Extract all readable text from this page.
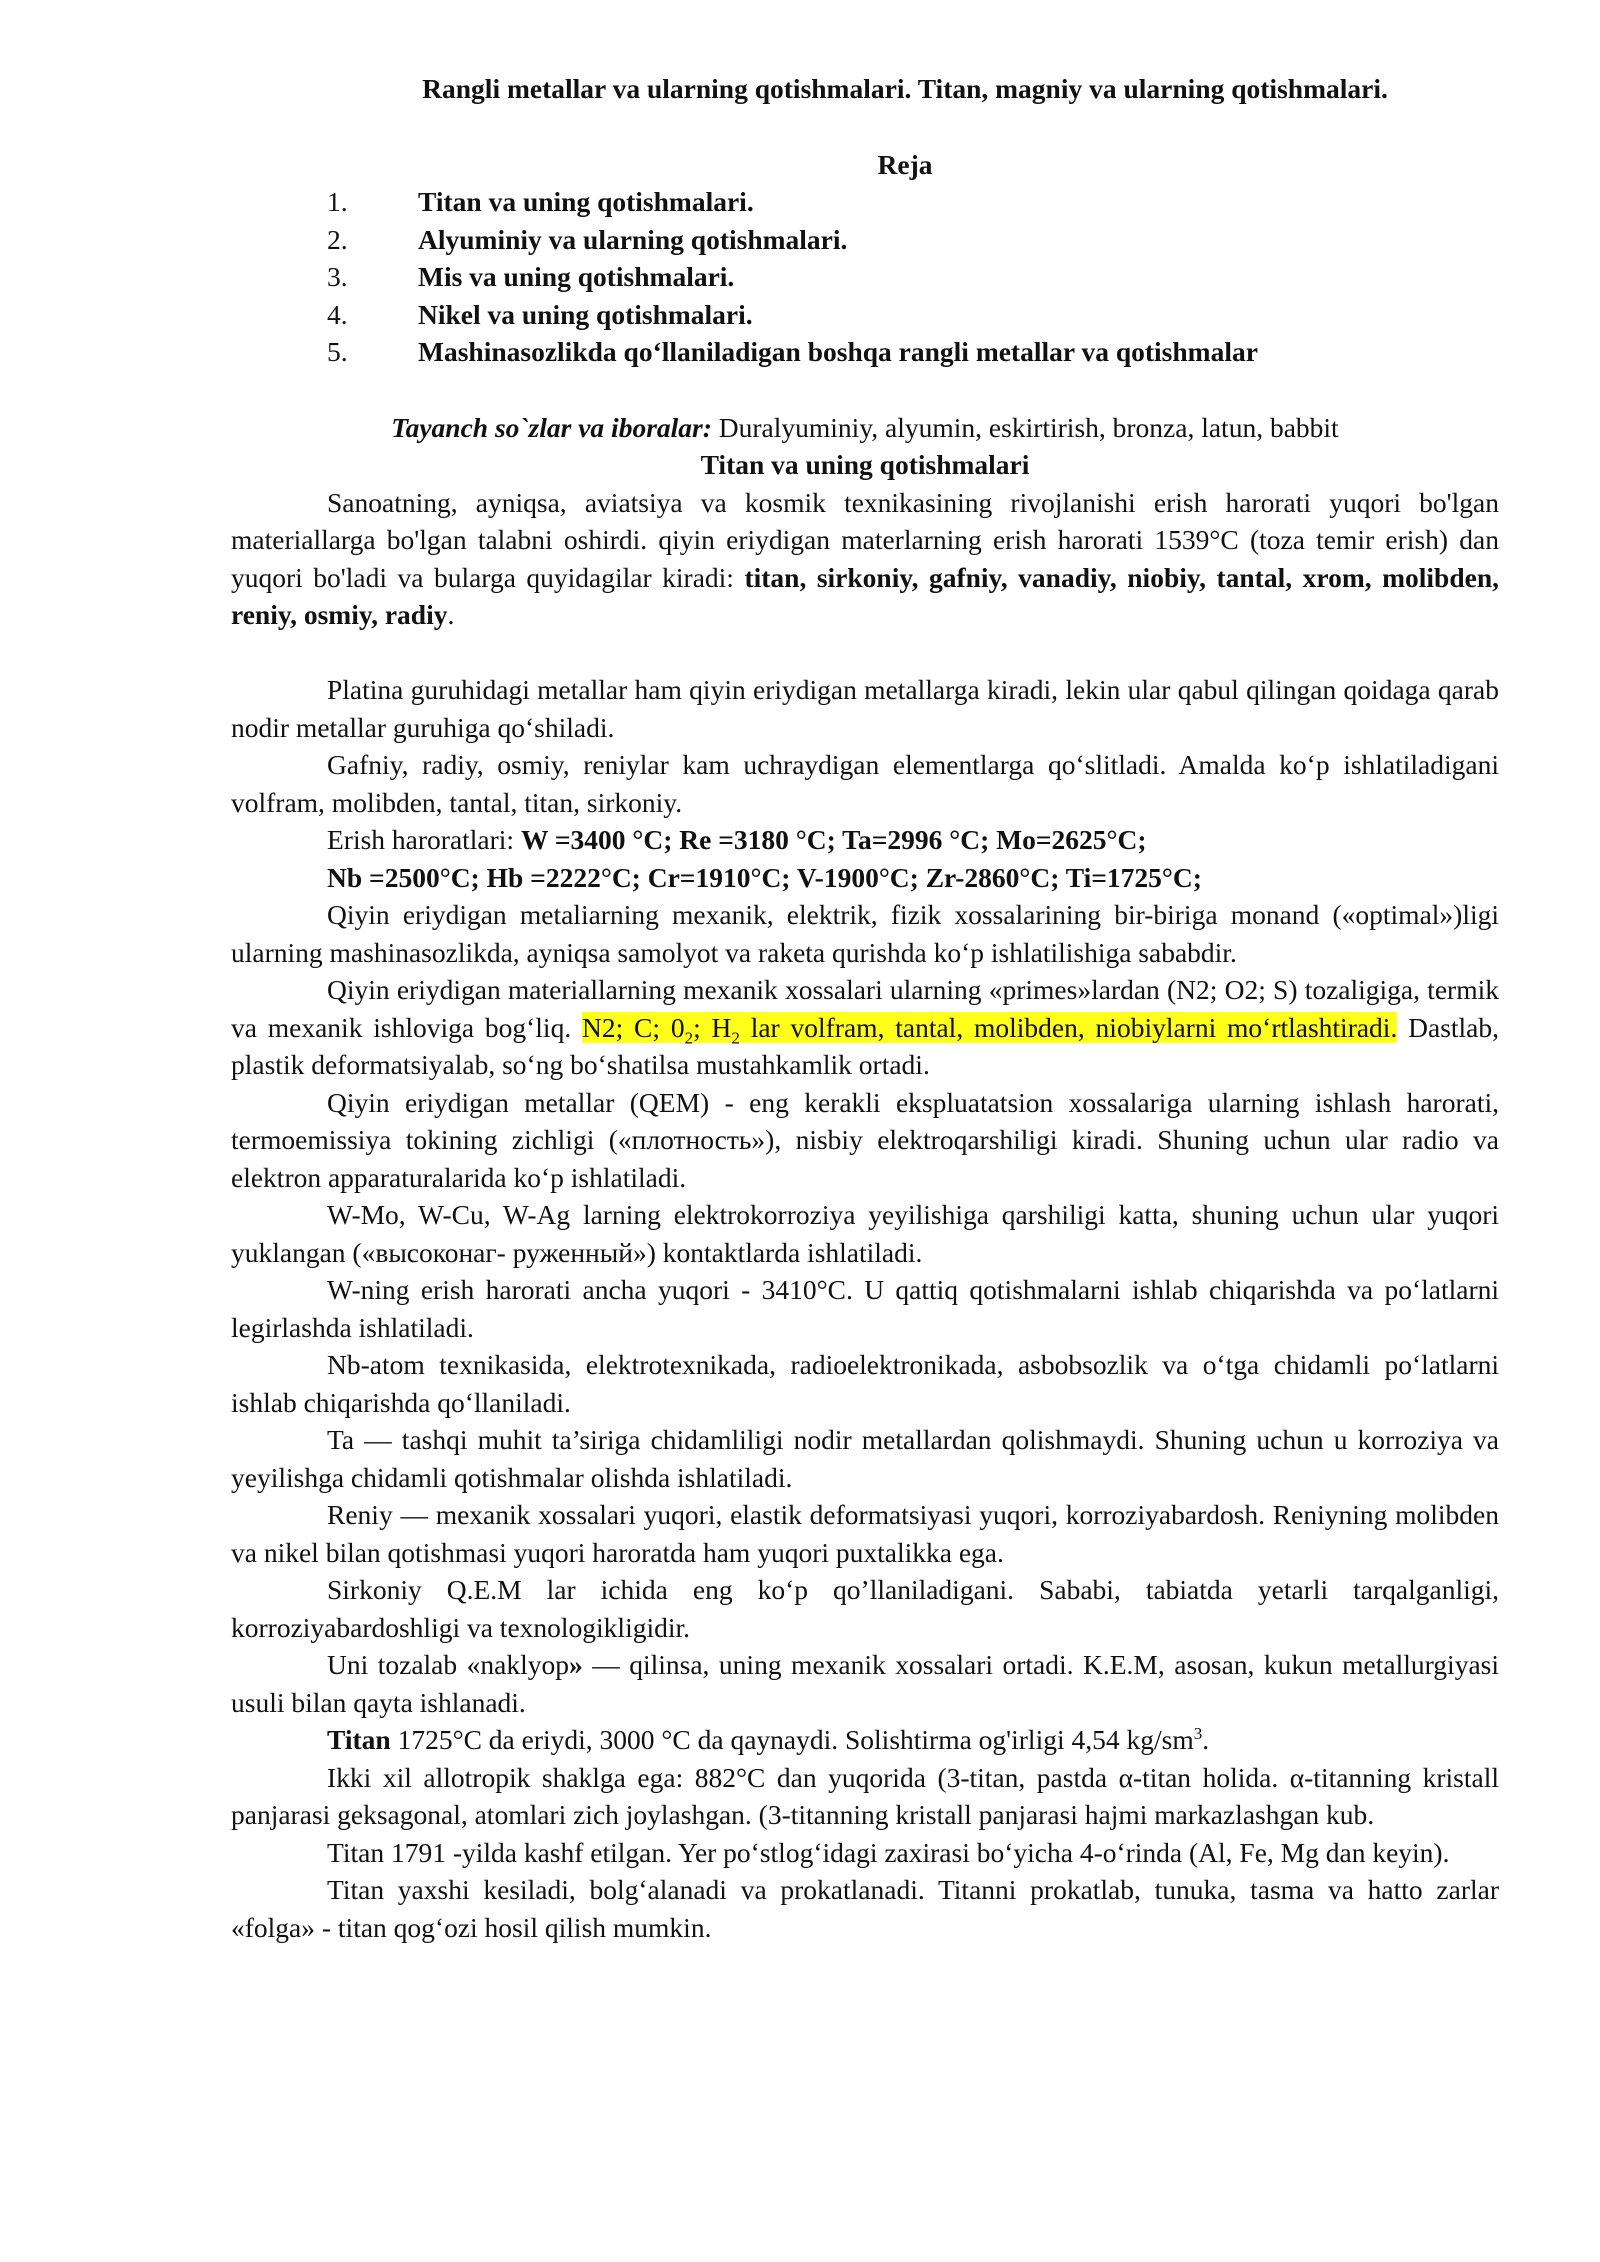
Rangli metallar va ularning qotishmalari. Titan, magniy va ularning qotishmalari.
Reja
1.	Titan va uning qotishmalari.
2.	Alyuminiy va ularning qotishmalari.
3.	Mis va uning qotishmalari.
4.	Nikel va uning qotishmalari.
5.	Mashinasozlikda qo‘llaniladigan boshqa rangli metallar va qotishmalar
Tayanch so`zlar va iboralar: Duralyuminiy, alyumin, eskirtirish, bronza, latun, babbit
Titan va uning qotishmalari

Sanoatning, ayniqsa, aviatsiya va kosmik texnikasining rivojlanishi erish harorati yuqori bo'lgan materiallarga bo'lgan talabni oshirdi. qiyin eriydigan materlarning erish harorati 1539°C (toza temir erish) dan yuqori bo'ladi va bularga quyidagilar kiradi: titan, sirkoniy, gafniy, vanadiy, niobiy, tantal, xrom, molibden, reniy, osmiy, radiy.

Platina guruhidagi metallar ham qiyin eriydigan metallarga kiradi, lekin ular qabul qilingan qoidaga qarab nodir metallar guruhiga qo‘shiladi.

Gafniy, radiy, osmiy, reniylar kam uchraydigan elementlarga qo‘slitladi. Amalda ko‘p ishlatiladigani volfram, molibden, tantal, titan, sirkoniy.

Erish haroratlari: W =3400 °C; Re =3180 °C; Ta=2996 °C; Mo=2625°C;

Nb =2500°C; Hb =2222°C; Cr=1910°C; V-1900°C; Zr-2860°C; Ti=1725°C;

Qiyin eriydigan metaliarning mexanik, elektrik, fizik xossalarining bir-biriga monand («optimal»)ligi ularning mashinasozlikda, ayniqsa samolyot va raketa qurishda ko‘p ishlatilishiga sababdir.

Qiyin eriydigan materiallarning mexanik xossalari ularning «primes»lardan (N2; O2; S) tozaligiga, termik va mexanik ishloviga bog‘liq. N2; C; $0_2$; $H_2$ lar volfram, tantal, molibden, niobiylarni mo‘rtlashtiradi. Dastlab, plastik deformatsiyalab, so‘ng bo‘shatilsa mustahkamlik ortadi.

Qiyin eriydigan metallar (QEM) - eng kerakli ekspluatatsion xossalariga ularning ishlash harorati, termoemissiya tokining zichligi («плотность»), nisbiy elektroqarshiligi kiradi. Shuning uchun ular radio va elektron apparaturalarida ko‘p ishlatiladi.

W-Mo, W-Cu, W-Ag larning elektrokorroziya yeyilishiga qarshiligi katta, shuning uchun ular yuqori yuklangan («высоконаг- руженный») kontaktlarda ishlatiladi.

W-ning erish harorati ancha yuqori - 3410°C. U qattiq qotishmalarni ishlab chiqarishda va po‘latlarni legirlashda ishlatiladi.

Nb-atom texnikasida, elektrotexnikada, radioelektronikada, asbobsozlik va o‘tga chidamli po‘latlarni ishlab chiqarishda qo‘llaniladi.

Ta — tashqi muhit ta’siriga chidamliligi nodir metallardan qolishmaydi. Shuning uchun u korroziya va yeyilishga chidamli qotishmalar olishda ishlatiladi.

Reniy — mexanik xossalari yuqori, elastik deformatsiyasi yuqori, korroziyabardosh. Reniyning molibden va nikel bilan qotishmasi yuqori haroratda ham yuqori puxtalikka ega.

Sirkoniy Q.E.M lar ichida eng ko‘p qo’llaniladigani. Sababi, tabiatda yetarli tarqalganligi, korroziyabardoshligi va texnologikligidir.

Uni tozalab «naklyop» — qilinsa, uning mexanik xossalari ortadi. K.E.M, asosan, kukun metallurgiyasi usuli bilan qayta ishlanadi.

Titan 1725°C da eriydi, 3000 °C da qaynaydi. Solishtirma og'irligi 4,54 $kg/sm^3$.

Ikki xil allotropik shaklga ega: 882°C dan yuqorida (3-titan, pastda α-titan holida. α-titanning kristall panjarasi geksagonal, atomlari zich joylashgan. (3-titanning kristall panjarasi hajmi markazlashgan kub.

Titan 1791 -yilda kashf etilgan. Yer po‘stlog‘idagi zaxirasi bo‘yicha 4-o‘rinda (Al, Fe, Mg dan keyin).

Titan yaxshi kesiladi, bolg‘alanadi va prokatlanadi. Titanni prokatlab, tunuka, tasma va hatto zarlar «folga» - titan qog‘ozi hosil qilish mumkin.
